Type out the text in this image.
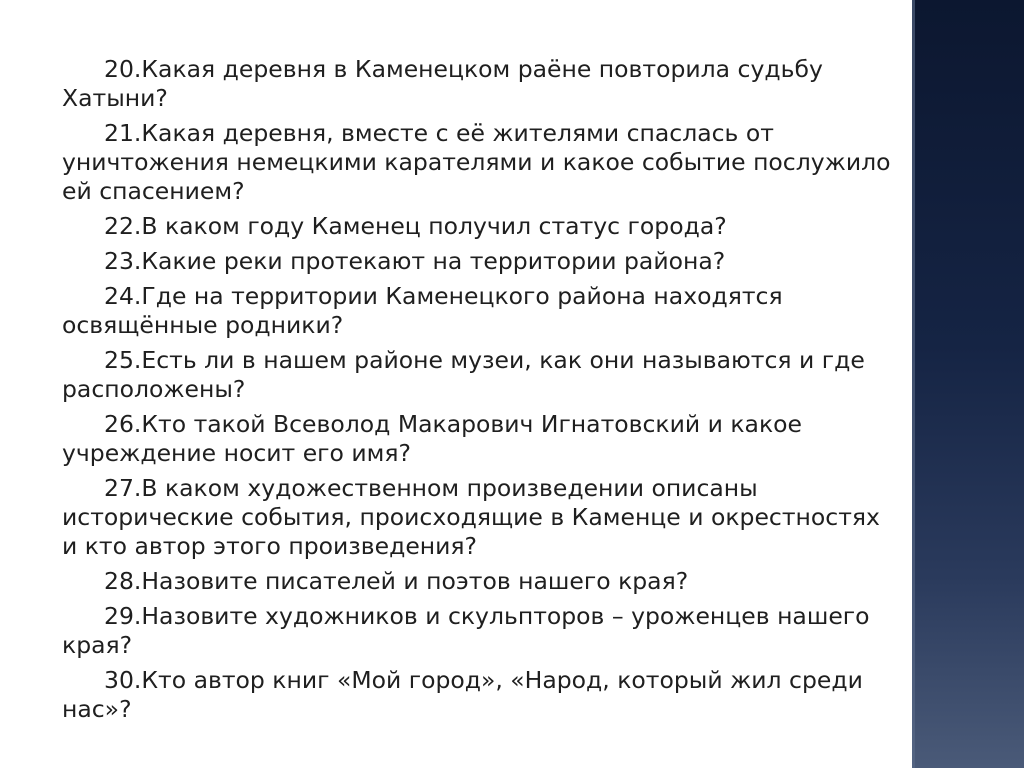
20.Какая деревня в Каменецком раёне повторила судьбу Хатыни?

21.Какая деревня, вместе с её жителями спаслась от уничтожения немецкими карателями и какое событие послужило ей спасением?

22.В каком году Каменец получил статус города?

23.Какие реки протекают на территории района?

24.Где на территории Каменецкого района находятся освящённые родники?

25.Есть ли в нашем районе музеи, как они называются и где расположены?

26.Кто такой Всеволод Макарович Игнатовский и какое учреждение носит его имя?

27.В каком художественном произведении описаны исторические события, происходящие в Каменце и окрестностях и кто автор этого произведения?

28.Назовите писателей и поэтов нашего края?

29.Назовите художников и скульпторов – уроженцев нашего края?

30.Кто автор книг «Мой город», «Народ, который жил среди нас»?
